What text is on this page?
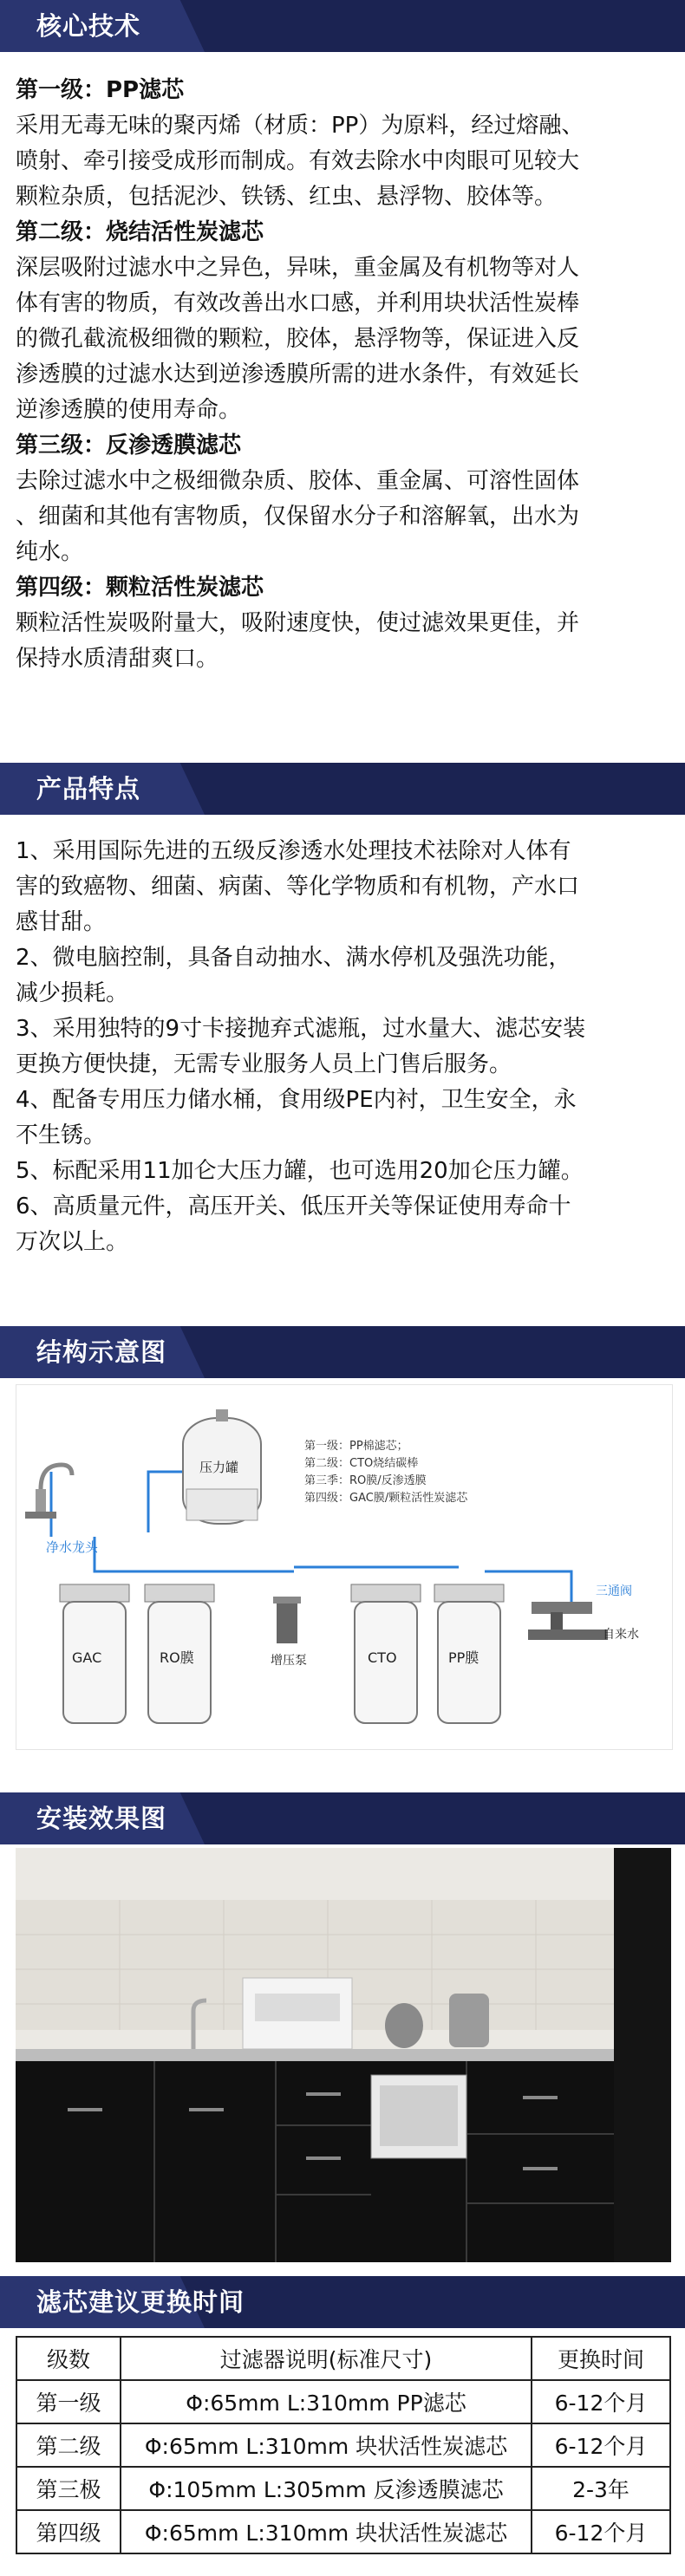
核心技术

第一级：PP滤芯

采用无毒无味的聚丙烯（材质：PP）为原料，经过熔融、

喷射、牵引接受成形而制成。有效去除水中肉眼可见较大

颗粒杂质，包括泥沙、铁锈、红虫、悬浮物、胶体等。

第二级：烧结活性炭滤芯

深层吸附过滤水中之异色，异味，重金属及有机物等对人

体有害的物质，有效改善出水口感，并利用块状活性炭棒

的微孔截流极细微的颗粒，胶体，悬浮物等，保证进入反

渗透膜的过滤水达到逆渗透膜所需的进水条件，有效延长

逆渗透膜的使用寿命。

第三级：反渗透膜滤芯

去除过滤水中之极细微杂质、胶体、重金属、可溶性固体

、细菌和其他有害物质，仅保留水分子和溶解氧，出水为

纯水。

第四级：颗粒活性炭滤芯

颗粒活性炭吸附量大，吸附速度快，使过滤效果更佳，并

保持水质清甜爽口。

产品特点

1、采用国际先进的五级反渗透水处理技术祛除对人体有

害的致癌物、细菌、病菌、等化学物质和有机物，产水口

感甘甜。

2、微电脑控制，具备自动抽水、满水停机及强洗功能，

减少损耗。

3、采用独特的9寸卡接抛弃式滤瓶，过水量大、滤芯安装

更换方便快捷，无需专业服务人员上门售后服务。

4、配备专用压力储水桶，食用级PE内衬，卫生安全，永

不生锈。

5、标配采用11加仑大压力罐，也可选用20加仑压力罐。

6、高质量元件，高压开关、低压开关等保证使用寿命十

万次以上。

结构示意图
净水龙头
压力罐
第一级：PP棉滤芯；
第二级：CTO烧结碳棒
第三季：RO膜/反渗透膜
第四级：GAC膜/颗粒活性炭滤芯
GAC	RO膜	增压泵	CTO	PP膜
三通阀
自来水
安装效果图
滤芯建议更换时间
级数	过滤器说明(标准尺寸)	更换时间
第一级	Φ:65mm L:310mm PP滤芯	6-12个月
第二级	Φ:65mm L:310mm 块状活性炭滤芯	6-12个月
第三极	Φ:105mm L:305mm 反渗透膜滤芯	2-3年
第四级	Φ:65mm L:310mm 块状活性炭滤芯	6-12个月
